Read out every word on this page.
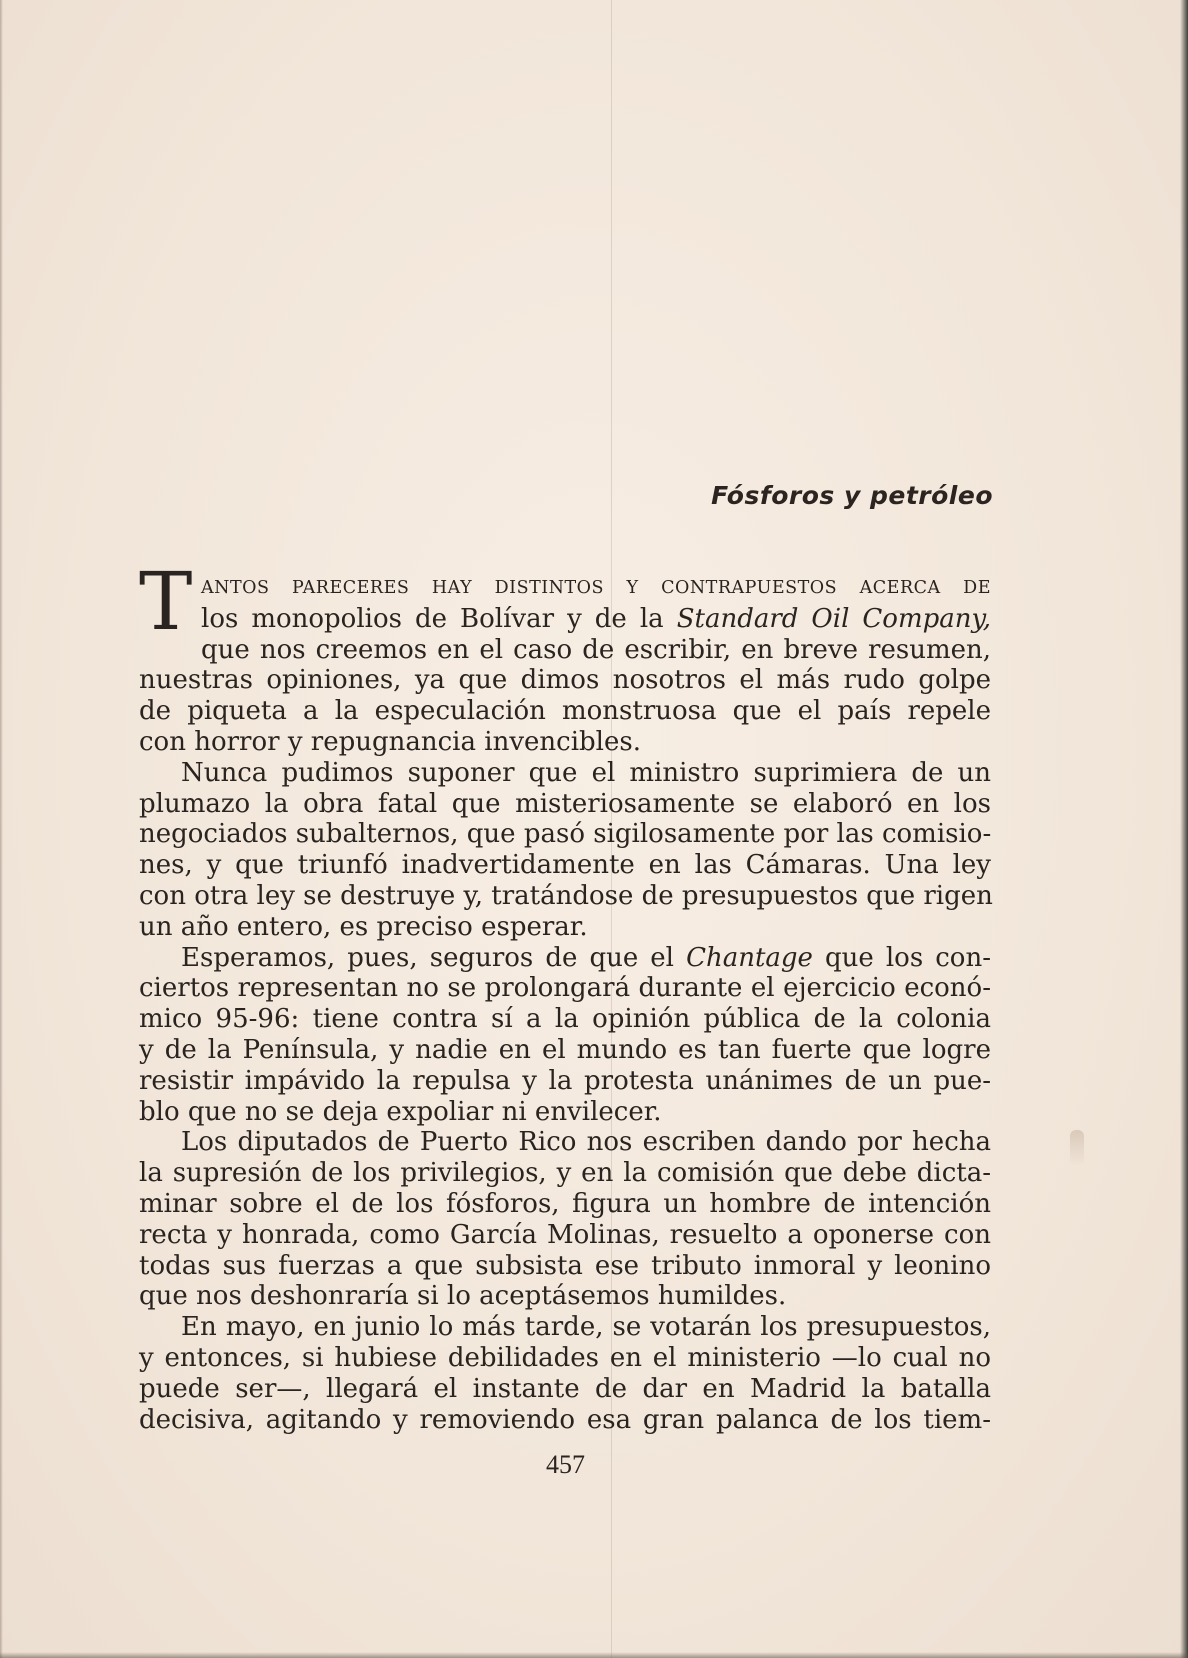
Fósforos y petróleo
T ANTOS PARECERES HAY DISTINTOS Y CONTRAPUESTOS ACERCA DE
los monopolios de Bolívar y de la Standard Oil Company,
que nos creemos en el caso de escribir, en breve resumen,
nuestras opiniones, ya que dimos nosotros el más rudo golpe
de piqueta a la especulación monstruosa que el país repele
con horror y repugnancia invencibles.
Nunca pudimos suponer que el ministro suprimiera de un
plumazo la obra fatal que misteriosamente se elaboró en los
negociados subalternos, que pasó sigilosamente por las comisio-
nes, y que triunfó inadvertidamente en las Cámaras. Una ley
con otra ley se destruye y, tratándose de presupuestos que rigen
un año entero, es preciso esperar.
Esperamos, pues, seguros de que el Chantage que los con-
ciertos representan no se prolongará durante el ejercicio econó-
mico 95-96: tiene contra sí a la opinión pública de la colonia
y de la Península, y nadie en el mundo es tan fuerte que logre
resistir impávido la repulsa y la protesta unánimes de un pue-
blo que no se deja expoliar ni envilecer.
Los diputados de Puerto Rico nos escriben dando por hecha
la supresión de los privilegios, y en la comisión que debe dicta-
minar sobre el de los fósforos, figura un hombre de intención
recta y honrada, como García Molinas, resuelto a oponerse con
todas sus fuerzas a que subsista ese tributo inmoral y leonino
que nos deshonraría si lo aceptásemos humildes.
En mayo, en junio lo más tarde, se votarán los presupuestos,
y entonces, si hubiese debilidades en el ministerio —lo cual no
puede ser—, llegará el instante de dar en Madrid la batalla
decisiva, agitando y removiendo esa gran palanca de los tiem-
457
